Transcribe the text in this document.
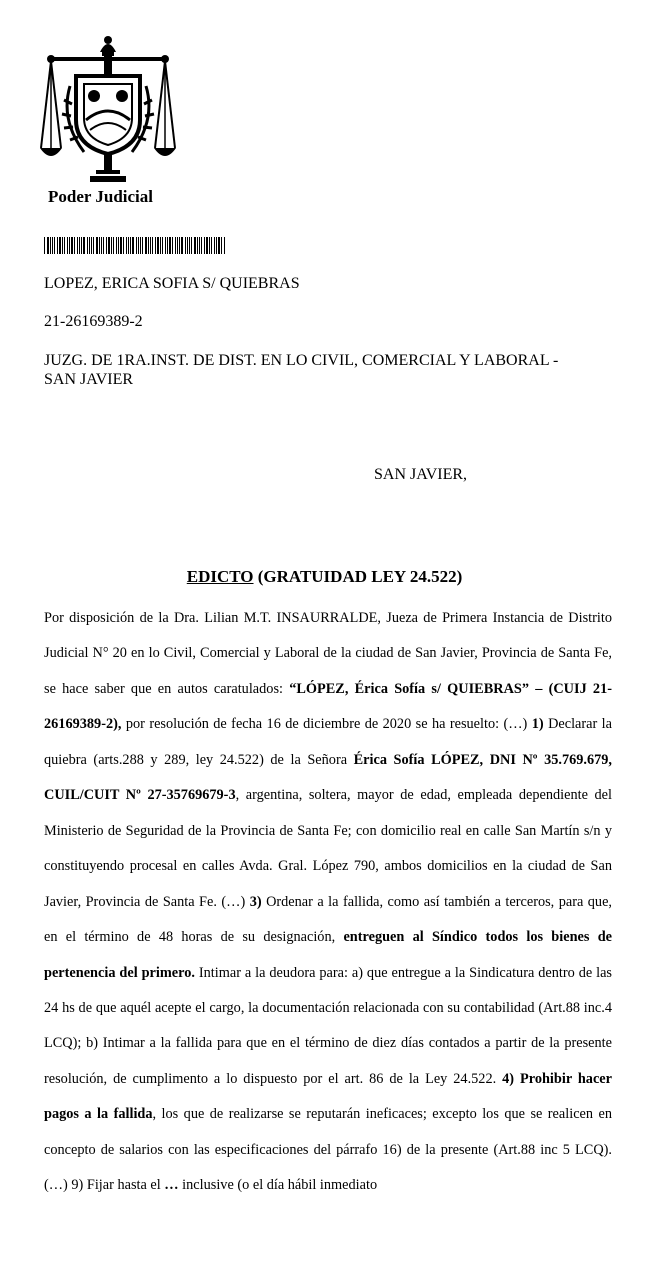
Poder Judicial
LOPEZ, ERICA SOFIA S/ QUIEBRAS
21-26169389-2
JUZG. DE 1RA.INST. DE DIST. EN LO CIVIL, COMERCIAL Y LABORAL -
SAN JAVIER
SAN JAVIER,
EDICTO (GRATUIDAD LEY 24.522)
Por disposición de la Dra. Lilian M.T. INSAURRALDE, Jueza de Primera Instancia de Distrito Judicial N° 20 en lo Civil, Comercial y Laboral de la ciudad de San Javier, Provincia de Santa Fe, se hace saber que en autos caratulados: “LÓPEZ, Érica Sofía s/ QUIEBRAS” – (CUIJ 21-26169389-2), por resolución de fecha 16 de diciembre de 2020 se ha resuelto: (…) 1) Declarar la quiebra (arts.288 y 289, ley 24.522) de la Señora Érica Sofía LÓPEZ, DNI Nº 35.769.679, CUIL/CUIT Nº 27-35769679-3, argentina, soltera, mayor de edad, empleada dependiente del Ministerio de Seguridad de la Provincia de Santa Fe; con domicilio real en calle San Martín s/n y constituyendo procesal en calles Avda. Gral. López 790, ambos domicilios en la ciudad de San Javier, Provincia de Santa Fe. (…) 3) Ordenar a la fallida, como así también a terceros, para que, en el término de 48 horas de su designación, entreguen al Síndico todos los bienes de pertenencia del primero. Intimar a la deudora para: a) que entregue a la Sindicatura dentro de las 24 hs de que aquél acepte el cargo, la documentación relacionada con su contabilidad (Art.88 inc.4 LCQ); b) Intimar a la fallida para que en el término de diez días contados a partir de la presente resolución, de cumplimento a lo dispuesto por el art. 86 de la Ley 24.522. 4) Prohibir hacer pagos a la fallida, los que de realizarse se reputarán ineficaces; excepto los que se realicen en concepto de salarios con las especificaciones del párrafo 16) de la presente (Art.88 inc 5 LCQ). (…) 9) Fijar hasta el … inclusive (o el día hábil inmediato
